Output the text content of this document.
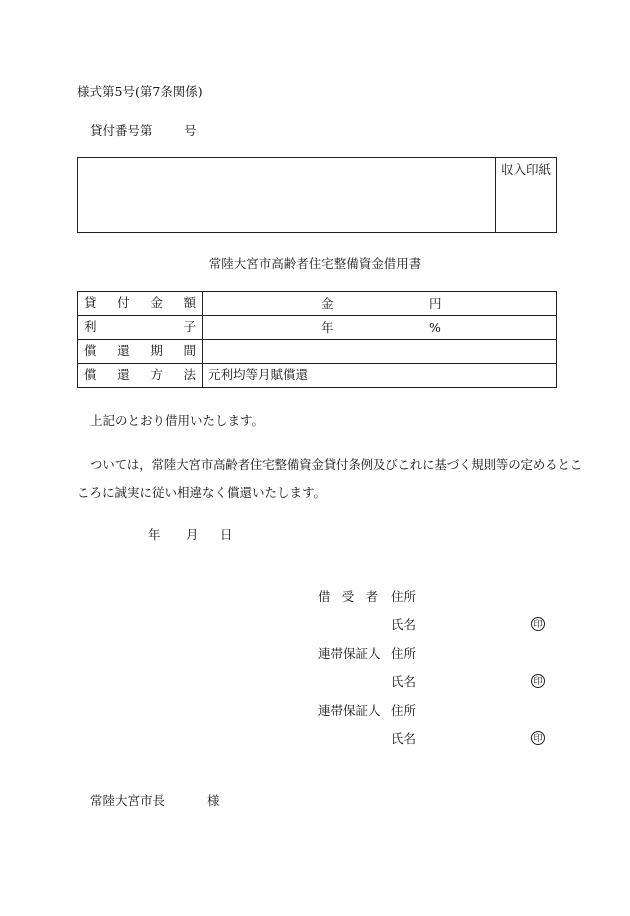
様式第5号(第7条関係)
貸付番号第	号
収入印紙
常陸大宮市高齢者住宅整備資金借用書
貸 付 金 額	金 円

利 子	年 %

償 還 期 間	

償 還 方 法	元利均等月賦償還
上記のとおり借用いたします。
ついては，常陸大宮市高齢者住宅整備資金貸付条例及びこれに基づく規則等の定めるとこ
ころに誠実に従い相違なく償還いたします。
年 月 日
借 受 者 住所
氏名	印
連帯保証人 住所
氏名	印
連帯保証人 住所
氏名	印
常陸大宮市長	様
